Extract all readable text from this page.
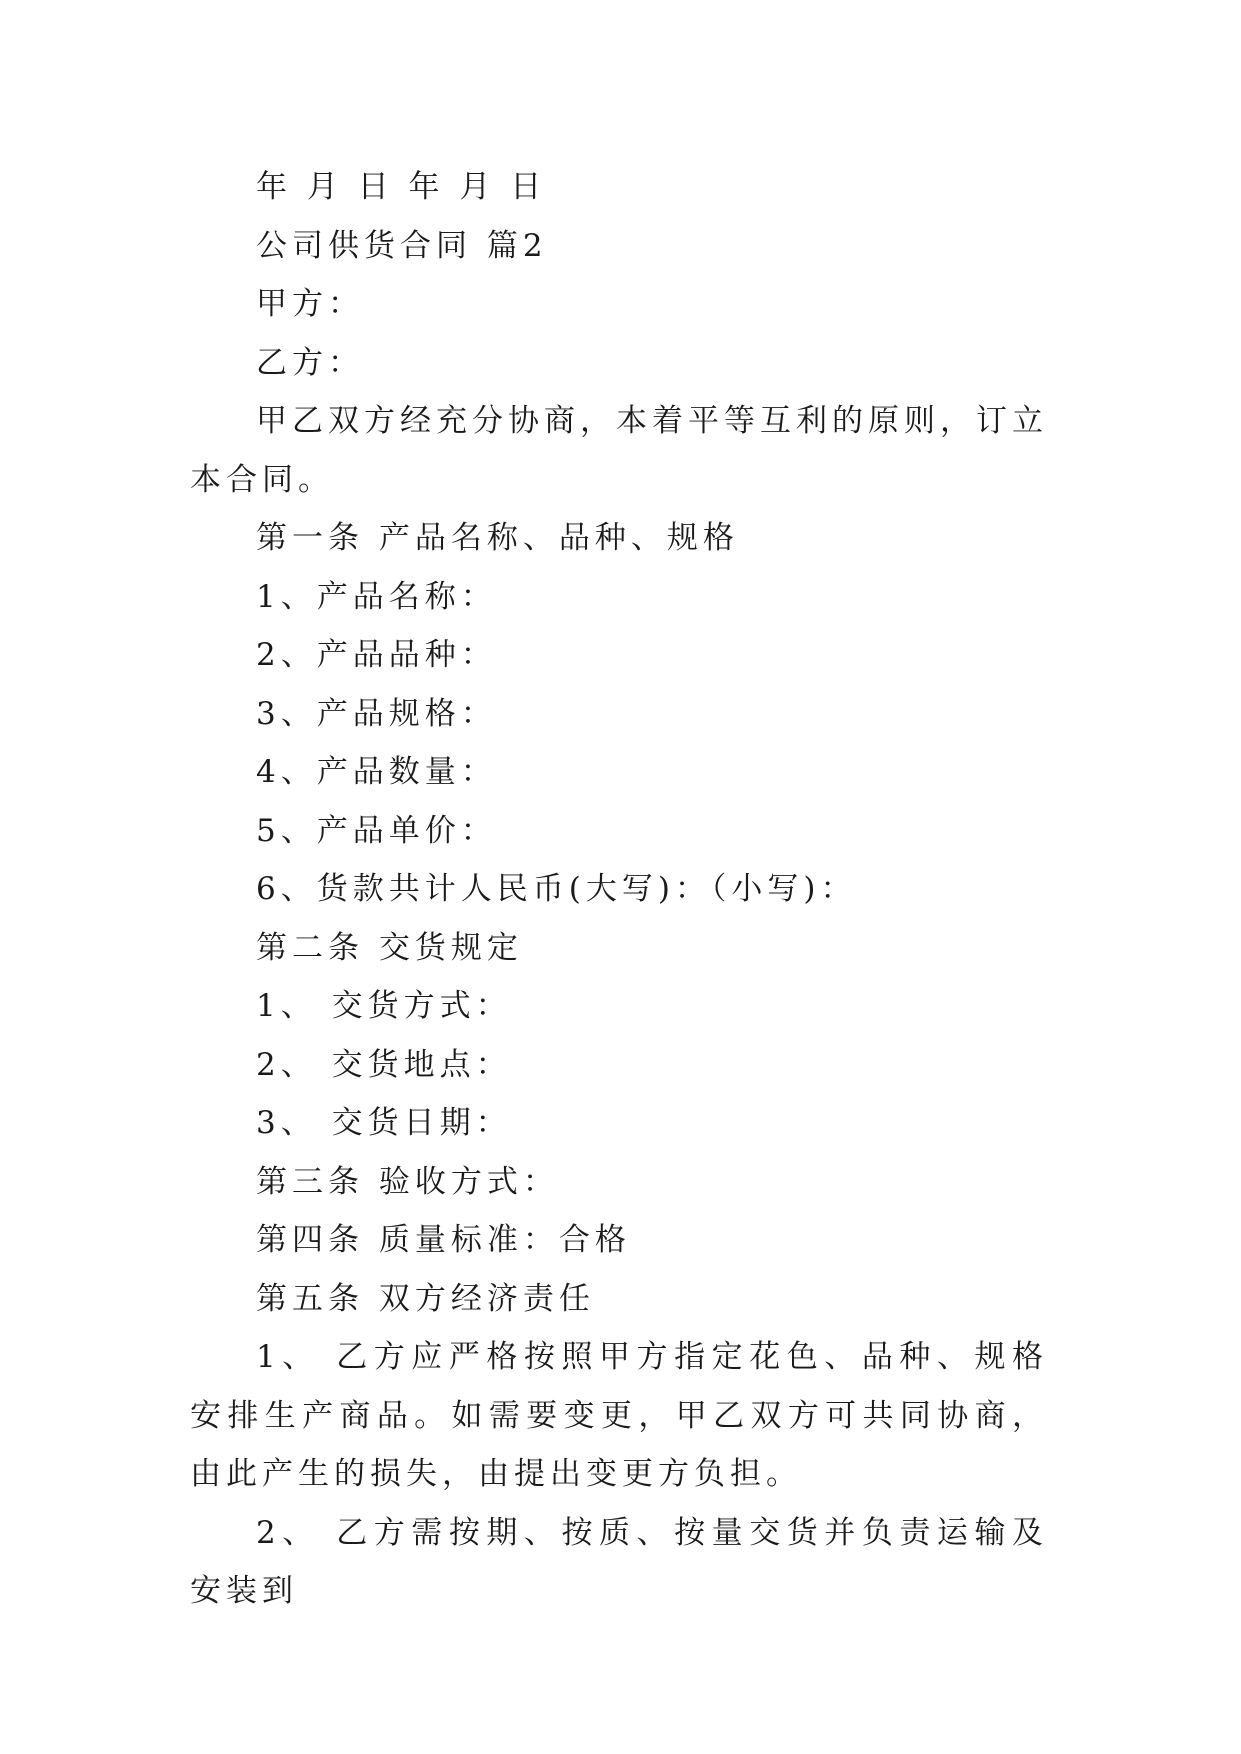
年 月 日 年 月 日

公司供货合同 篇2

甲方：

乙方：

甲乙双方经充分协商，本着平等互利的原则，订立本合同。

第一条 产品名称、品种、规格

1、产品名称：

2、产品品种：

3、产品规格：

4、产品数量：

5、产品单价：

6、货款共计人民币(大写)：（小写)：

第二条 交货规定

1、 交货方式：

2、 交货地点：

3、 交货日期：

第三条 验收方式：

第四条 质量标准：合格

第五条 双方经济责任

1、 乙方应严格按照甲方指定花色、品种、规格安排生产商品。如需要变更，甲乙双方可共同协商，由此产生的损失，由提出变更方负担。

2、 乙方需按期、按质、按量交货并负责运输及安装到
